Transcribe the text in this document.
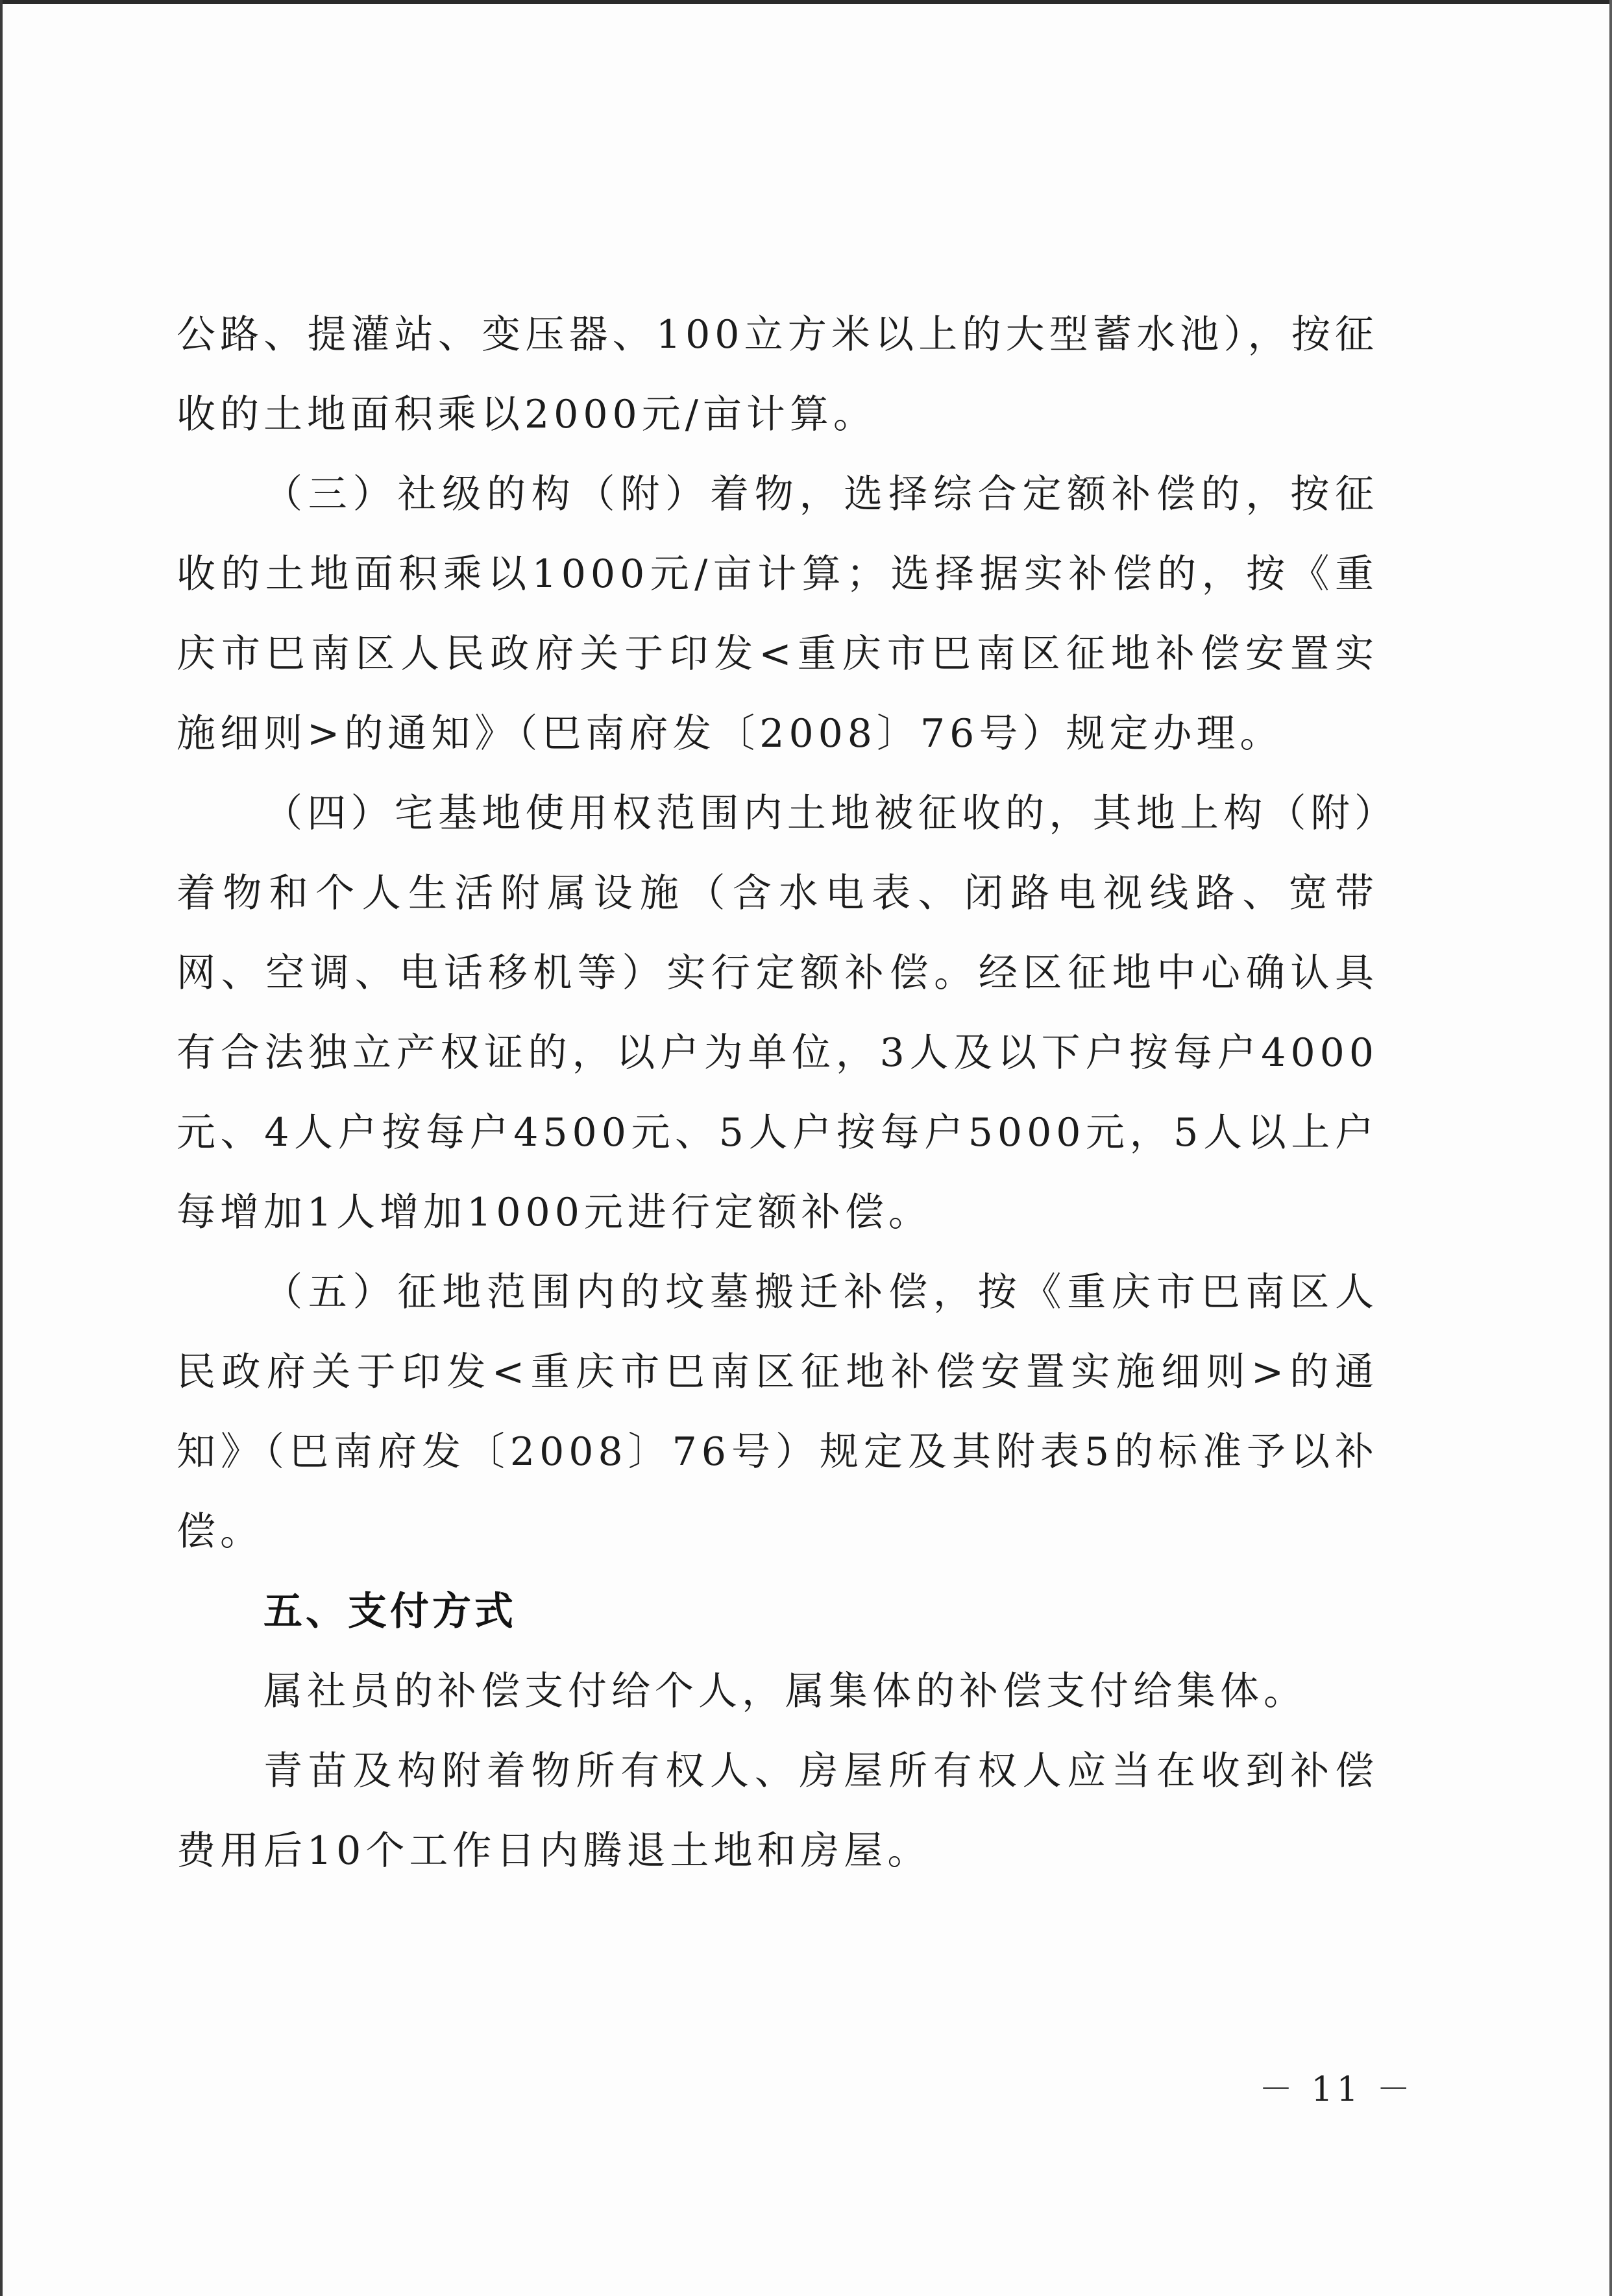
公路、提灌站、变压器、100立方米以上的大型蓄水池），按征收的土地面积乘以2000元/亩计算。

（三）社级的构（附）着物，选择综合定额补偿的，按征收的土地面积乘以1000元/亩计算；选择据实补偿的，按《重庆市巴南区人民政府关于印发<重庆市巴南区征地补偿安置实施细则>的通知》（巴南府发〔2008〕76号）规定办理。

（四）宅基地使用权范围内土地被征收的，其地上构（附）着物和个人生活附属设施（含水电表、闭路电视线路、宽带网、空调、电话移机等）实行定额补偿。经区征地中心确认具有合法独立产权证的，以户为单位，3人及以下户按每户4000元、4人户按每户4500元、5人户按每户5000元，5人以上户每增加1人增加1000元进行定额补偿。

（五）征地范围内的坟墓搬迁补偿，按《重庆市巴南区人民政府关于印发<重庆市巴南区征地补偿安置实施细则>的通知》（巴南府发〔2008〕76号）规定及其附表5的标准予以补偿。

五、支付方式

属社员的补偿支付给个人，属集体的补偿支付给集体。

青苗及构附着物所有权人、房屋所有权人应当在收到补偿费用后10个工作日内腾退土地和房屋。

－ 11 －
